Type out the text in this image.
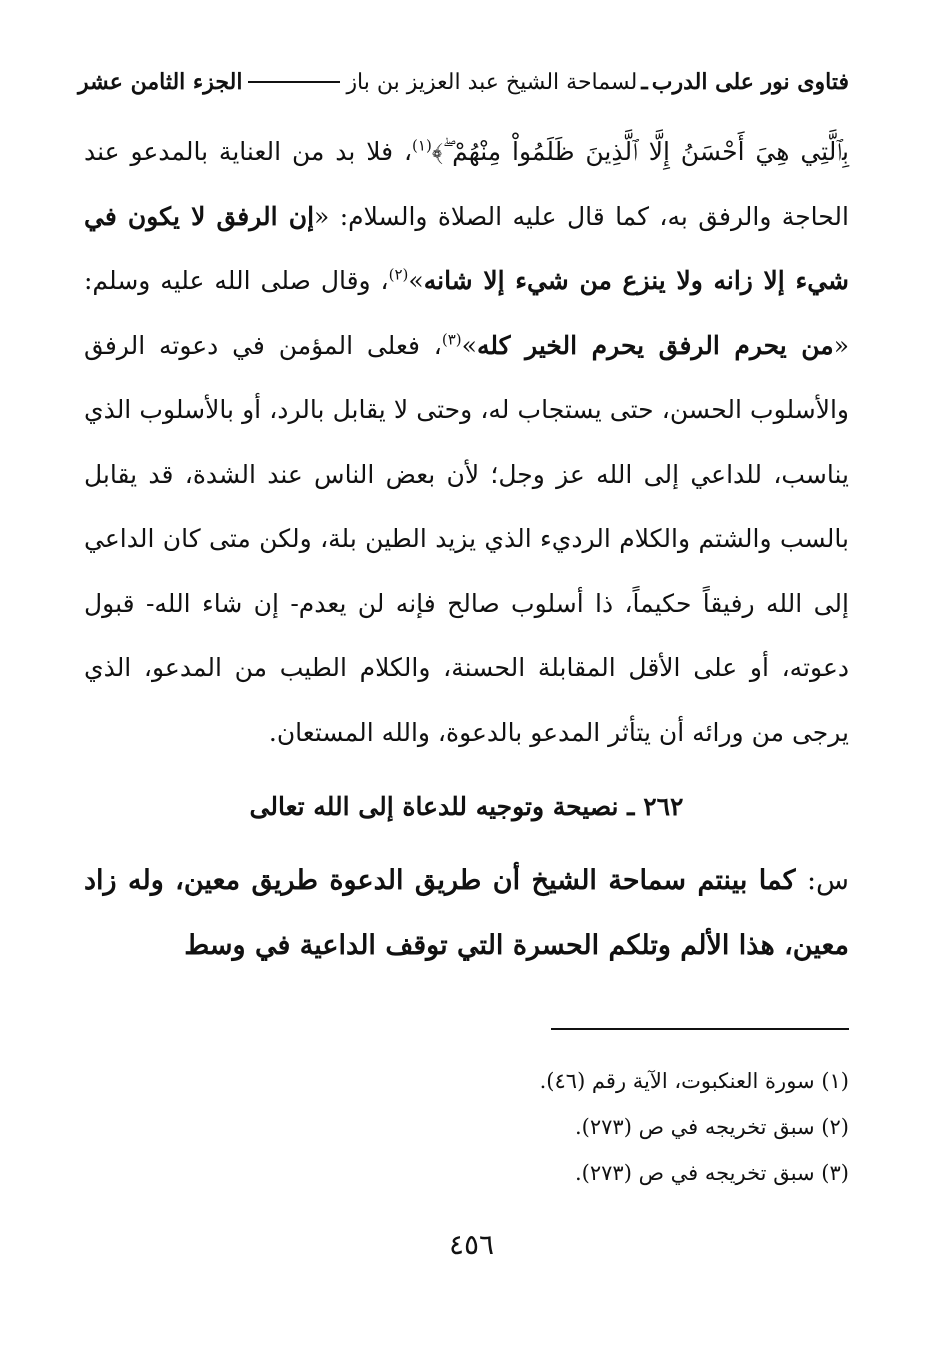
فتاوى نور على الدرب
ـ
لسماحة الشيخ عبد العزيز بن باز
الجزء الثامن عشر
بِٱلَّتِي هِيَ أَحْسَنُ إِلَّا ٱلَّذِينَ ظَلَمُواْ مِنْهُمْ ۖ﴾$^{(١)}$، فلا بد من العناية بالمدعو عند الحاجة والرفق به، كما قال عليه الصلاة والسلام: «إن الرفق لا يكون في شيء إلا زانه ولا ينزع من شيء إلا شانه»$^{(٢)}$، وقال صلى الله عليه وسلم: «من يحرم الرفق يحرم الخير كله»$^{(٣)}$، فعلى المؤمن في دعوته الرفق والأسلوب الحسن، حتى يستجاب له، وحتى لا يقابل بالرد، أو بالأسلوب الذي يناسب، للداعي إلى الله عز وجل؛ لأن بعض الناس عند الشدة، قد يقابل بالسب والشتم والكلام الرديء الذي يزيد الطين بلة، ولكن متى كان الداعي إلى الله رفيقاً حكيماً، ذا أسلوب صالح فإنه لن يعدم- إن شاء الله- قبول دعوته، أو على الأقل المقابلة الحسنة، والكلام الطيب من المدعو، الذي يرجى من ورائه أن يتأثر المدعو بالدعوة، والله المستعان.
٢٦٢ ـ نصيحة وتوجيه للدعاة إلى الله تعالى
س: كما بينتم سماحة الشيخ أن طريق الدعوة طريق معين، وله زاد معين، هذا الألم وتلكم الحسرة التي توقف الداعية في وسط
(١) سورة العنكبوت، الآية رقم (٤٦).
(٢) سبق تخريجه في ص (٢٧٣).
(٣) سبق تخريجه في ص (٢٧٣).
٤٥٦
